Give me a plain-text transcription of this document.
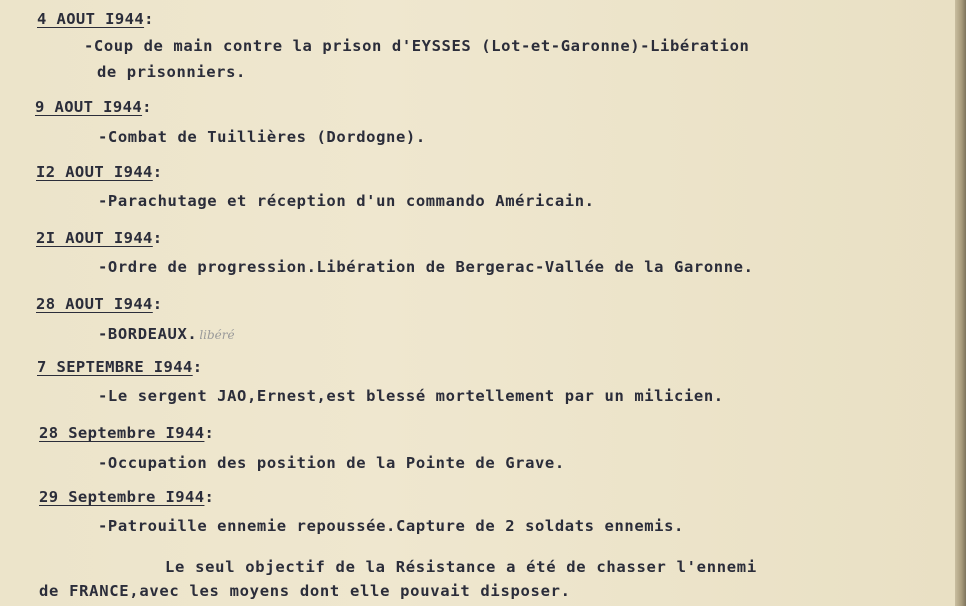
4 AOUT I944:
-Coup de main contre la prison d'EYSSES (Lot-et-Garonne)-Libération
de prisonniers.
9 AOUT I944:
-Combat de Tuillières (Dordogne).
I2 AOUT I944:
-Parachutage et réception d'un commando Américain.
2I AOUT I944:
-Ordre de progression.Libération de Bergerac-Vallée de la Garonne.
28 AOUT I944:
-BORDEAUX. libéré
7 SEPTEMBRE I944:
-Le sergent JAO,Ernest,est blessé mortellement par un milicien.
28 Septembre I944:
-Occupation des position de la Pointe de Grave.
29 Septembre I944:
-Patrouille ennemie repoussée.Capture de 2 soldats ennemis.
Le seul objectif de la Résistance a été de chasser l'ennemi
de FRANCE,avec les moyens dont elle pouvait disposer.
